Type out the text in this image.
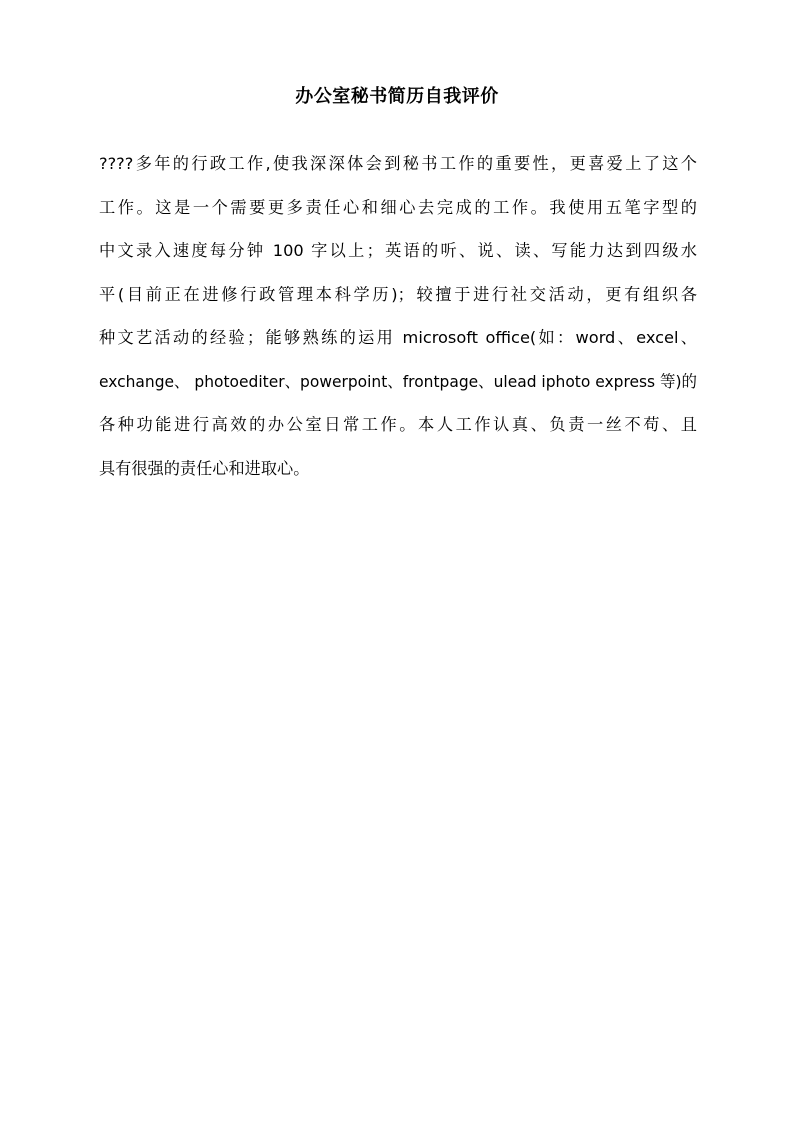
办公室秘书简历自我评价
????多年的行政工作,使我深深体会到秘书工作的重要性，更喜爱上了这个
工作。这是一个需要更多责任心和细心去完成的工作。我使用五笔字型的
中文录入速度每分钟 100 字以上；英语的听、说、读、写能力达到四级水
平(目前正在进修行政管理本科学历)；较擅于进行社交活动，更有组织各
种文艺活动的经验；能够熟练的运用 microsoft office(如：word、excel、
exchange、 photoediter、powerpoint、frontpage、ulead iphoto express 等)的
各种功能进行高效的办公室日常工作。本人工作认真、负责一丝不苟、且
具有很强的责任心和进取心。
